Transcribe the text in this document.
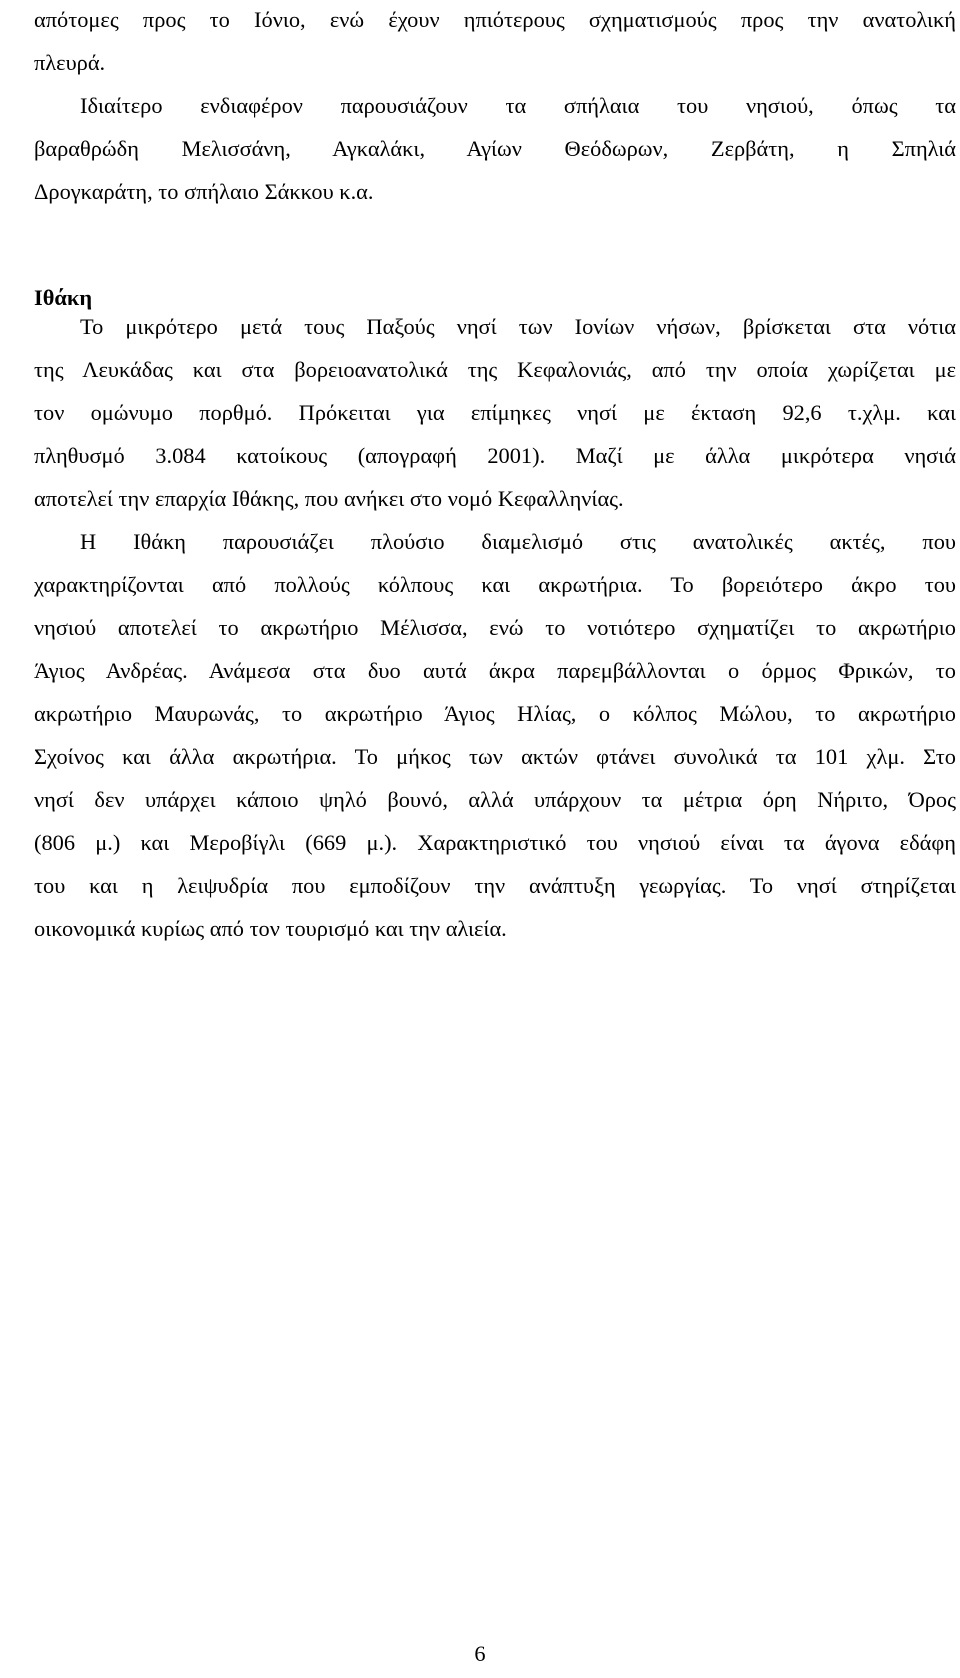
απότομες προς το Ιόνιο, ενώ έχουν ηπιότερους σχηματισμούς προς την ανατολική
πλευρά.
Ιδιαίτερο ενδιαφέρον παρουσιάζουν τα σπήλαια του νησιού, όπως τα
βαραθρώδη Μελισσάνη, Αγκαλάκι, Αγίων Θεόδωρων, Ζερβάτη, η Σπηλιά
Δρογκαράτη, το σπήλαιο Σάκκου κ.α.
Ιθάκη
Το μικρότερο μετά τους Παξούς νησί των Ιονίων νήσων, βρίσκεται στα νότια
της Λευκάδας και στα βορειοανατολικά της Κεφαλονιάς, από την οποία χωρίζεται με
τον ομώνυμο πορθμό. Πρόκειται για επίμηκες νησί με έκταση 92,6 τ.χλμ. και
πληθυσμό 3.084 κατοίκους (απογραφή 2001). Μαζί με άλλα μικρότερα νησιά
αποτελεί την επαρχία Ιθάκης, που ανήκει στο νομό Κεφαλληνίας.
Η Ιθάκη παρουσιάζει πλούσιο διαμελισμό στις ανατολικές ακτές, που
χαρακτηρίζονται από πολλούς κόλπους και ακρωτήρια. Το βορειότερο άκρο του
νησιού αποτελεί το ακρωτήριο Μέλισσα, ενώ το νοτιότερο σχηματίζει το ακρωτήριο
Άγιος Ανδρέας. Ανάμεσα στα δυο αυτά άκρα παρεμβάλλονται ο όρμος Φρικών, το
ακρωτήριο Μαυρωνάς, το ακρωτήριο Άγιος Ηλίας, ο κόλπος Μώλου, το ακρωτήριο
Σχοίνος και άλλα ακρωτήρια. Το μήκος των ακτών φτάνει συνολικά τα 101 χλμ. Στο
νησί δεν υπάρχει κάποιο ψηλό βουνό, αλλά υπάρχουν τα μέτρια όρη Νήριτο, Όρος
(806 μ.) και Μεροβίγλι (669 μ.). Χαρακτηριστικό του νησιού είναι τα άγονα εδάφη
του και η λειψυδρία που εμποδίζουν την ανάπτυξη γεωργίας. Το νησί στηρίζεται
οικονομικά κυρίως από τον τουρισμό και την αλιεία.
6
